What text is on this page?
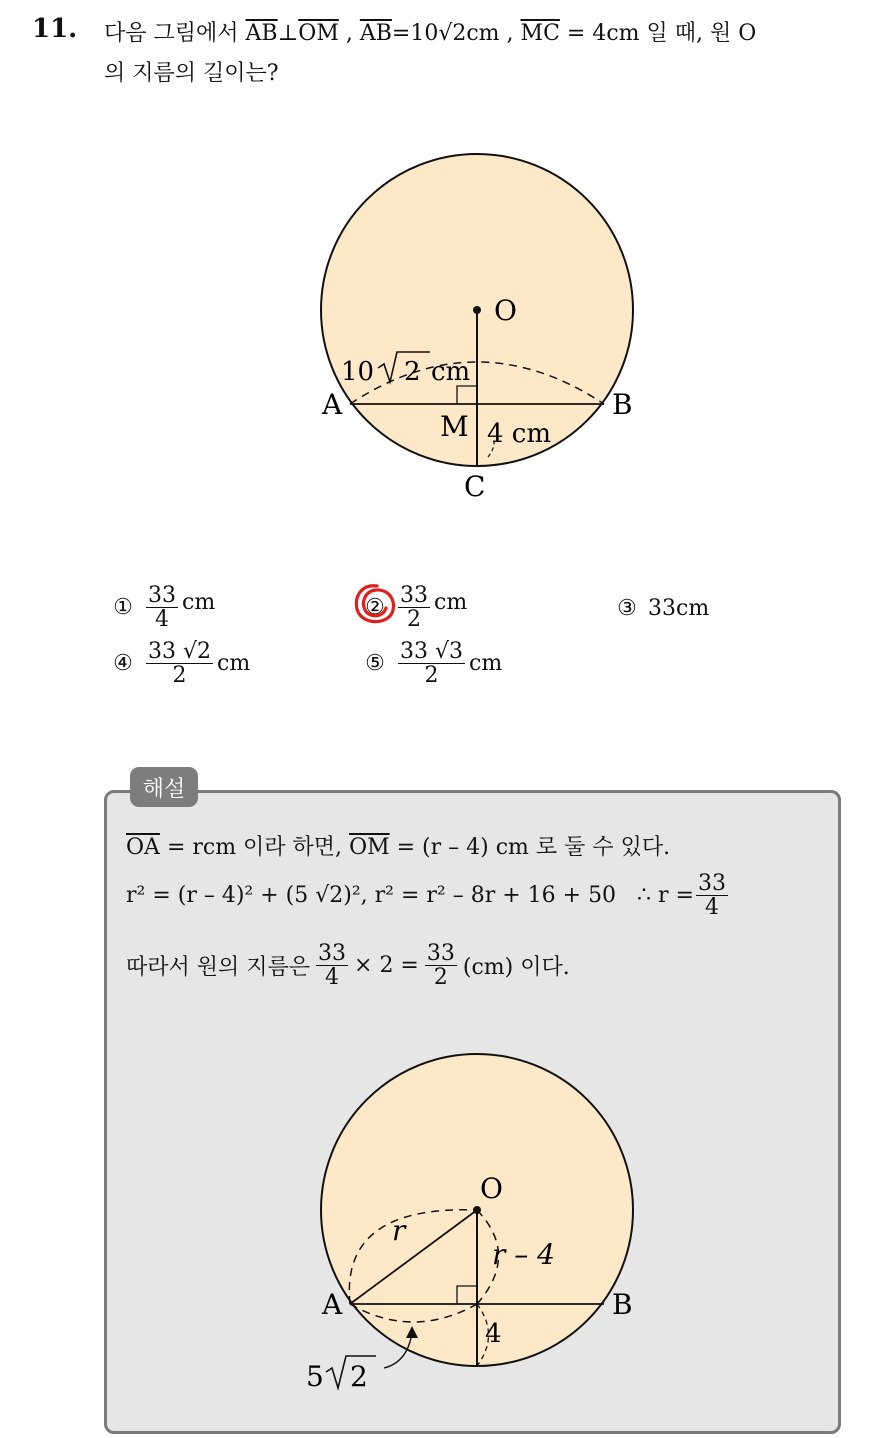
11. 다음 그림에서 $\overline{AB}\perp\overline{OM}$ , $\overline{AB}=10√2cm$ , $\overline{MC} = 4cm$ 일 때, 원 O
의 지름의 길이는?
O
A	B
M
C
10 2 cm
4 cm
① $\frac{33}{4}$ cm	② $\frac{33}{2}$ cm	③ 33cm
④ $\frac{33 √2}{2}$ cm	⑤ $\frac{33 √3}{2}$ cm
해설
$\overline{OA}$ = rcm 이라 하면, $\overline{OM} = (r - 4)$ cm 로 둘 수 있다.
r² = (r – 4)² + (5 √2)², r² = r² – 8r + 16 + 50   ∴ $r = \frac{33}{4}$
따라서 원의 지름은 $\frac{33}{4} \times 2 = \frac{33}{2} (cm)$ 이다.
O
A	B
r
r – 4
4
5 2
